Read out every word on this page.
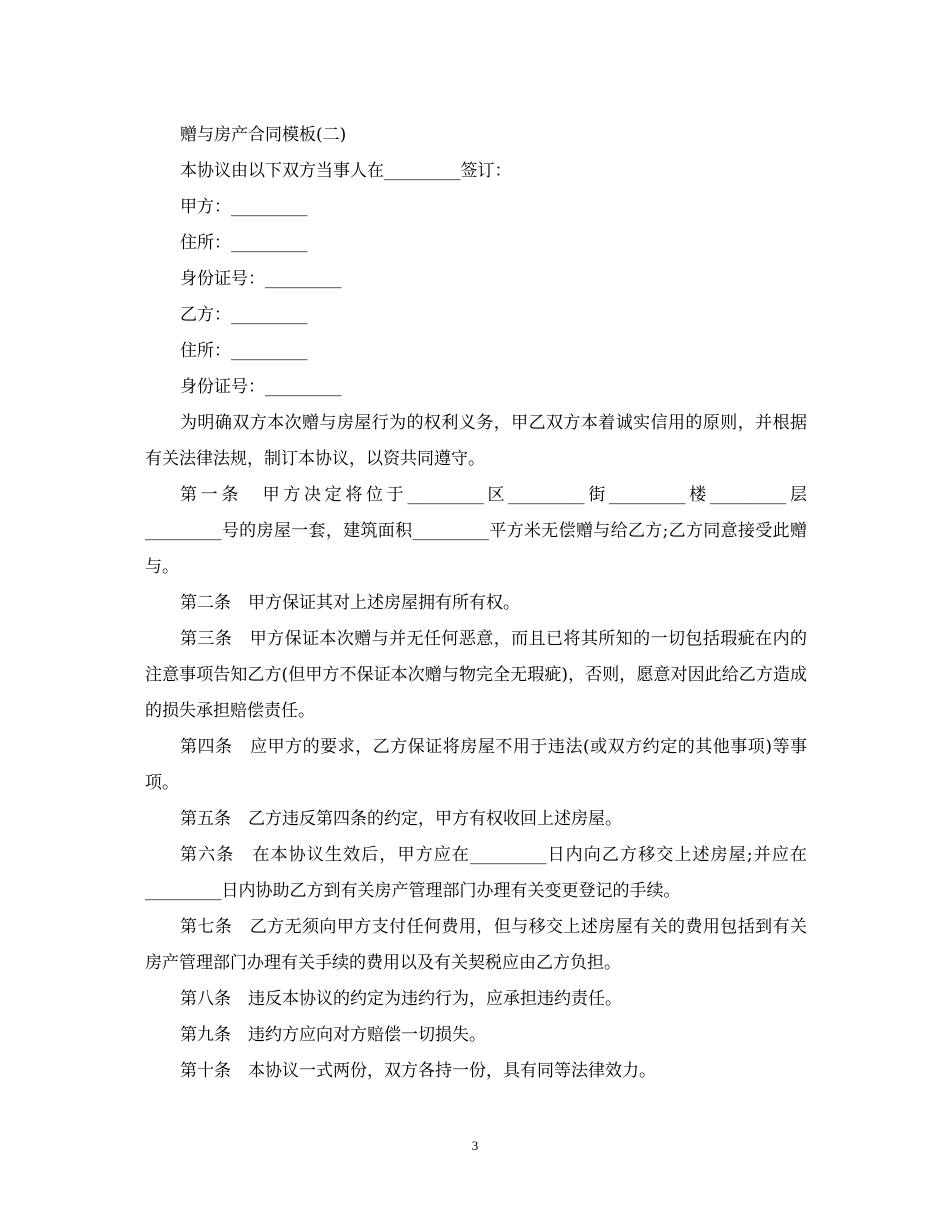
赠与房产合同模板(二)

本协议由以下双方当事人在_________签订：

甲方：_________

住所：_________

身份证号：_________

乙方：_________

住所：_________

身份证号：_________

为明确双方本次赠与房屋行为的权利义务，甲乙双方本着诚实信用的原则，并根据有关法律法规，制订本协议，以资共同遵守。

第一条　甲方决定将位于_________区_________街_________楼_________层_________号的房屋一套，建筑面积_________平方米无偿赠与给乙方;乙方同意接受此赠与。

第二条　甲方保证其对上述房屋拥有所有权。

第三条　甲方保证本次赠与并无任何恶意，而且已将其所知的一切包括瑕疵在内的注意事项告知乙方(但甲方不保证本次赠与物完全无瑕疵)，否则，愿意对因此给乙方造成的损失承担赔偿责任。

第四条　应甲方的要求，乙方保证将房屋不用于违法(或双方约定的其他事项)等事项。

第五条　乙方违反第四条的约定，甲方有权收回上述房屋。

第六条　在本协议生效后，甲方应在_________日内向乙方移交上述房屋;并应在_________日内协助乙方到有关房产管理部门办理有关变更登记的手续。

第七条　乙方无须向甲方支付任何费用，但与移交上述房屋有关的费用包括到有关房产管理部门办理有关手续的费用以及有关契税应由乙方负担。

第八条　违反本协议的约定为违约行为，应承担违约责任。

第九条　违约方应向对方赔偿一切损失。

第十条　本协议一式两份，双方各持一份，具有同等法律效力。

3
